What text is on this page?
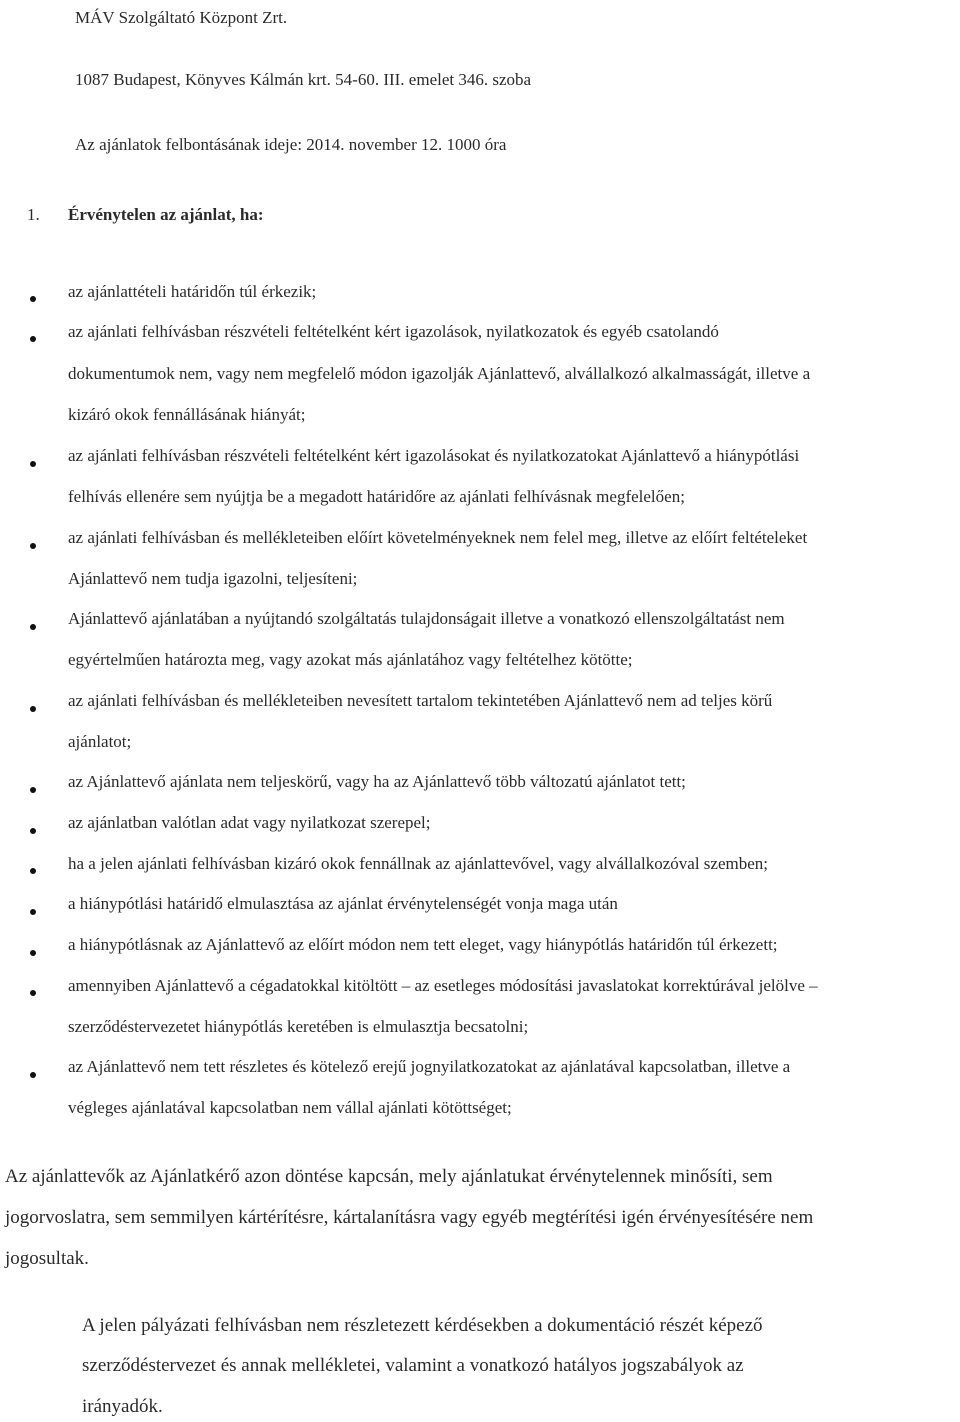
MÁV Szolgáltató Központ Zrt.
1087 Budapest, Könyves Kálmán krt. 54-60. III. emelet 346. szoba
Az ajánlatok felbontásának ideje: 2014. november 12. 1000 óra
1. Érvénytelen az ajánlat, ha:
az ajánlattételi határidőn túl érkezik;
az ajánlati felhívásban részvételi feltételként kért igazolások, nyilatkozatok és egyéb csatolandó
dokumentumok nem, vagy nem megfelelő módon igazolják Ajánlattevő, alvállalkozó alkalmasságát, illetve a
kizáró okok fennállásának hiányát;
az ajánlati felhívásban részvételi feltételként kért igazolásokat és nyilatkozatokat Ajánlattevő a hiánypótlási
felhívás ellenére sem nyújtja be a megadott határidőre az ajánlati felhívásnak megfelelően;
az ajánlati felhívásban és mellékleteiben előírt követelményeknek nem felel meg, illetve az előírt feltételeket
Ajánlattevő nem tudja igazolni, teljesíteni;
Ajánlattevő ajánlatában a nyújtandó szolgáltatás tulajdonságait illetve a vonatkozó ellenszolgáltatást nem
egyértelműen határozta meg, vagy azokat más ajánlatához vagy feltételhez kötötte;
az ajánlati felhívásban és mellékleteiben nevesített tartalom tekintetében Ajánlattevő nem ad teljes körű
ajánlatot;
az Ajánlattevő ajánlata nem teljeskörű, vagy ha az Ajánlattevő több változatú ajánlatot tett;
az ajánlatban valótlan adat vagy nyilatkozat szerepel;
ha a jelen ajánlati felhívásban kizáró okok fennállnak az ajánlattevővel, vagy alvállalkozóval szemben;
a hiánypótlási határidő elmulasztása az ajánlat érvénytelenségét vonja maga után
a hiánypótlásnak az Ajánlattevő az előírt módon nem tett eleget, vagy hiánypótlás határidőn túl érkezett;
amennyiben Ajánlattevő a cégadatokkal kitöltött – az esetleges módosítási javaslatokat korrektúrával jelölve –
szerződéstervezetet hiánypótlás keretében is elmulasztja becsatolni;
az Ajánlattevő nem tett részletes és kötelező erejű jognyilatkozatokat az ajánlatával kapcsolatban, illetve a
végleges ajánlatával kapcsolatban nem vállal ajánlati kötöttséget;
Az ajánlattevők az Ajánlatkérő azon döntése kapcsán, mely ajánlatukat érvénytelennek minősíti, sem
jogorvoslatra, sem semmilyen kártérítésre, kártalanításra vagy egyéb megtérítési igén érvényesítésére nem
jogosultak.
A jelen pályázati felhívásban nem részletezett kérdésekben a dokumentáció részét képező
szerződéstervezet és annak mellékletei, valamint a vonatkozó hatályos jogszabályok az
irányadók.
